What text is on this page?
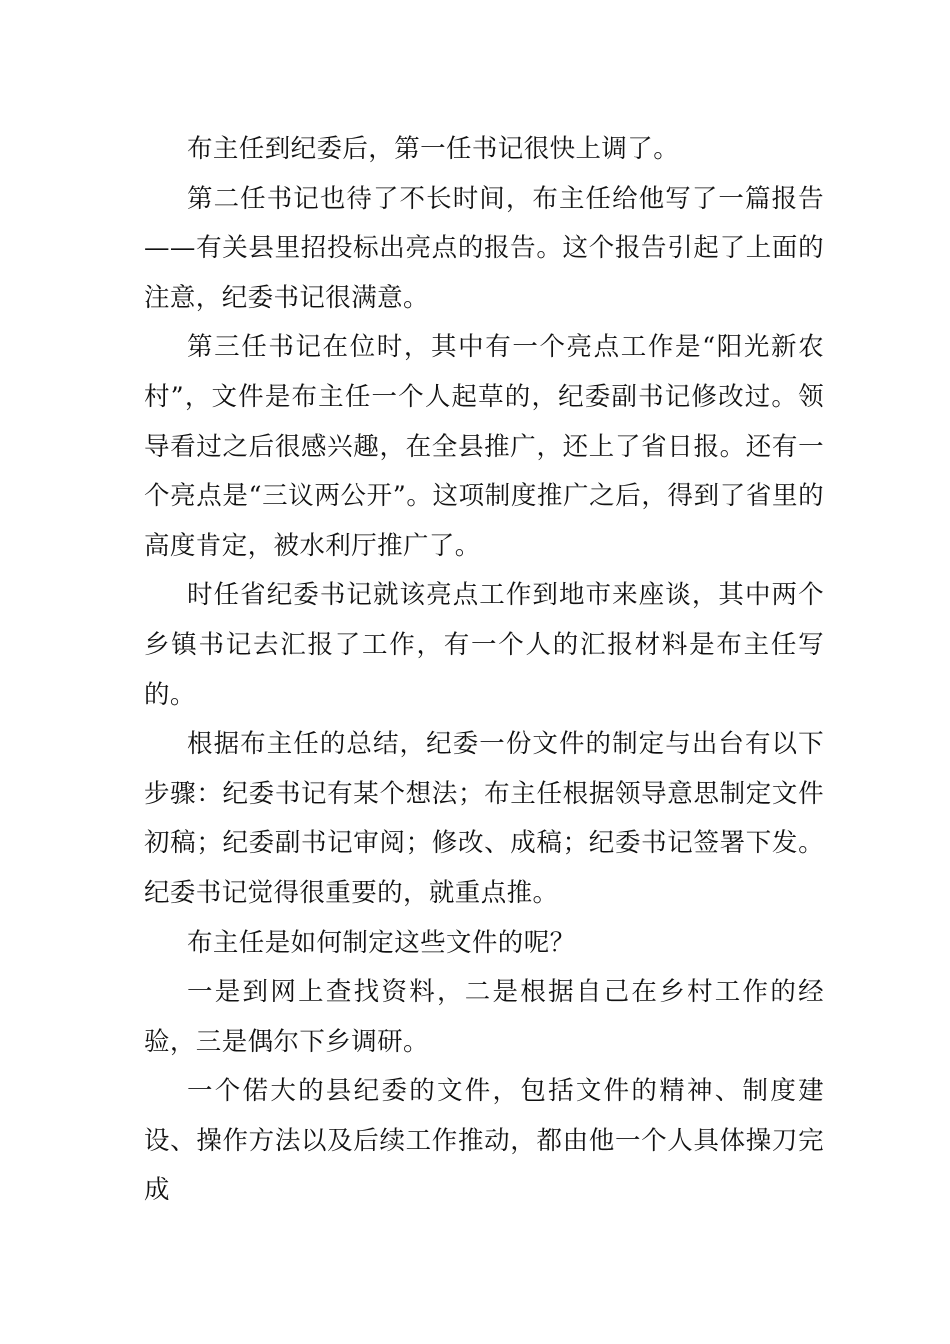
布主任到纪委后，第一任书记很快上调了。

第二任书记也待了不长时间，布主任给他写了一篇报告——有关县里招投标出亮点的报告。这个报告引起了上面的注意，纪委书记很满意。

第三任书记在位时，其中有一个亮点工作是“阳光新农村”，文件是布主任一个人起草的，纪委副书记修改过。领导看过之后很感兴趣，在全县推广，还上了省日报。还有一个亮点是“三议两公开”。这项制度推广之后，得到了省里的高度肯定，被水利厅推广了。

时任省纪委书记就该亮点工作到地市来座谈，其中两个乡镇书记去汇报了工作，有一个人的汇报材料是布主任写的。

根据布主任的总结，纪委一份文件的制定与出台有以下步骤：纪委书记有某个想法；布主任根据领导意思制定文件初稿；纪委副书记审阅；修改、成稿；纪委书记签署下发。纪委书记觉得很重要的，就重点推。

布主任是如何制定这些文件的呢？

一是到网上查找资料，二是根据自己在乡村工作的经验，三是偶尔下乡调研。

一个偌大的县纪委的文件，包括文件的精神、制度建设、操作方法以及后续工作推动，都由他一个人具体操刀完成
